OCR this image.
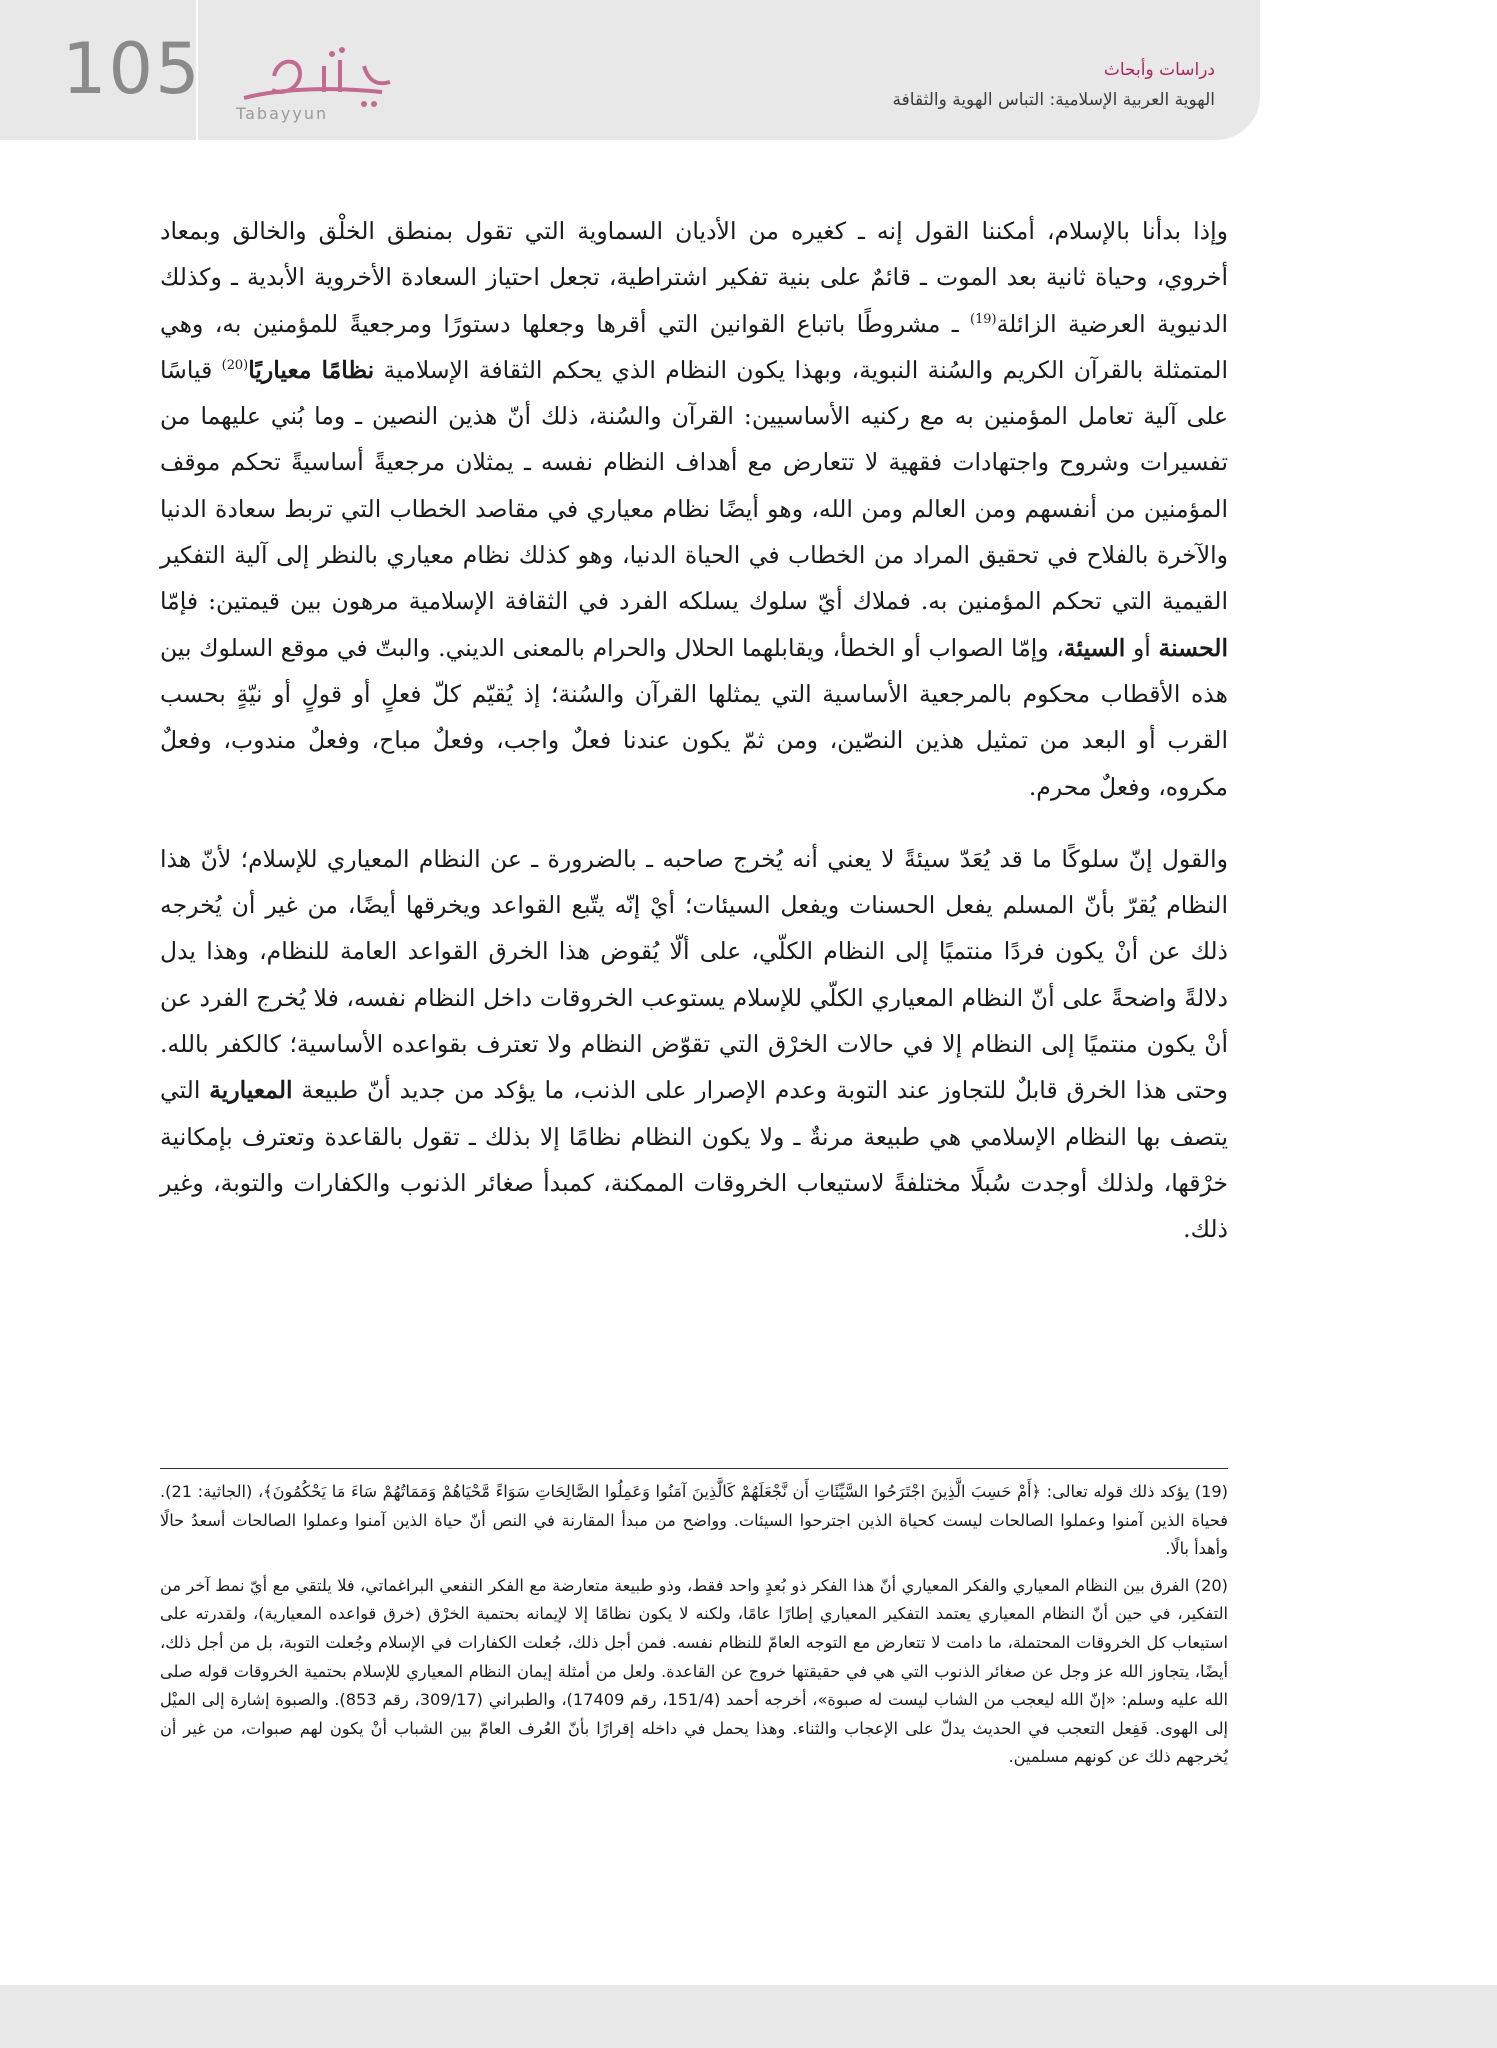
105
Tabayyun
دراسات وأبحاث
الهوية العربية الإسلامية: التباس الهوية والثقافة

وإذا بدأنا بالإسلام، أمكننا القول إنه ـ كغيره من الأديان السماوية التي تقول بمنطق الخلْق والخالق وبمعاد أخروي، وحياة ثانية بعد الموت ـ قائمٌ على بنية تفكير اشتراطية، تجعل احتياز السعادة الأخروية الأبدية ـ وكذلك الدنيوية العرضية الزائلة$^{(19)}$ ـ مشروطًا باتباع القوانين التي أقرها وجعلها دستورًا ومرجعيةً للمؤمنين به، وهي المتمثلة بالقرآن الكريم والسُنة النبوية، وبهذا يكون النظام الذي يحكم الثقافة الإسلامية نظامًا معياريًا$^{(20)}$ قياسًا على آلية تعامل المؤمنين به مع ركنيه الأساسيين: القرآن والسُنة، ذلك أنّ هذين النصين ـ وما بُني عليهما من تفسيرات وشروح واجتهادات فقهية لا تتعارض مع أهداف النظام نفسه ـ يمثلان مرجعيةً أساسيةً تحكم موقف المؤمنين من أنفسهم ومن العالم ومن الله، وهو أيضًا نظام معياري في مقاصد الخطاب التي تربط سعادة الدنيا والآخرة بالفلاح في تحقيق المراد من الخطاب في الحياة الدنيا، وهو كذلك نظام معياري بالنظر إلى آلية التفكير القيمية التي تحكم المؤمنين به. فملاك أيّ سلوك يسلكه الفرد في الثقافة الإسلامية مرهون بين قيمتين: فإمّا الحسنة أو السيئة، وإمّا الصواب أو الخطأ، ويقابلهما الحلال والحرام بالمعنى الديني. والبتّ في موقع السلوك بين هذه الأقطاب محكوم بالمرجعية الأساسية التي يمثلها القرآن والسُنة؛ إذ يُقيّم كلّ فعلٍ أو قولٍ أو نيّةٍ بحسب القرب أو البعد من تمثيل هذين النصّين، ومن ثمّ يكون عندنا فعلٌ واجب، وفعلٌ مباح، وفعلٌ مندوب، وفعلٌ مكروه، وفعلٌ محرم.

والقول إنّ سلوكًا ما قد يُعَدّ سيئةً لا يعني أنه يُخرج صاحبه ـ بالضرورة ـ عن النظام المعياري للإسلام؛ لأنّ هذا النظام يُقرّ بأنّ المسلم يفعل الحسنات ويفعل السيئات؛ أيْ إنّه يتّبع القواعد ويخرقها أيضًا، من غير أن يُخرجه ذلك عن أنْ يكون فردًا منتميًا إلى النظام الكلّي، على ألّا يُقوض هذا الخرق القواعد العامة للنظام، وهذا يدل دلالةً واضحةً على أنّ النظام المعياري الكلّي للإسلام يستوعب الخروقات داخل النظام نفسه، فلا يُخرج الفرد عن أنْ يكون منتميًا إلى النظام إلا في حالات الخرْق التي تقوّض النظام ولا تعترف بقواعده الأساسية؛ كالكفر بالله. وحتى هذا الخرق قابلٌ للتجاوز عند التوبة وعدم الإصرار على الذنب، ما يؤكد من جديد أنّ طبيعة المعيارية التي يتصف بها النظام الإسلامي هي طبيعة مرنةٌ ـ ولا يكون النظام نظامًا إلا بذلك ـ تقول بالقاعدة وتعترف بإمكانية خرْقها، ولذلك أوجدت سُبلًا مختلفةً لاستيعاب الخروقات الممكنة، كمبدأ صغائر الذنوب والكفارات والتوبة، وغير ذلك.

(19) يؤكد ذلك قوله تعالى: ﴿أَمْ حَسِبَ الَّذِينَ اجْتَرَحُوا السَّيِّئَاتِ أَن نَّجْعَلَهُمْ كَالَّذِينَ آمَنُوا وَعَمِلُوا الصَّالِحَاتِ سَوَاءً مَّحْيَاهُمْ وَمَمَاتُهُمْ سَاءَ مَا يَحْكُمُونَ﴾، (الجاثية: 21). فحياة الذين آمنوا وعملوا الصالحات ليست كحياة الذين اجترحوا السيئات. وواضح من مبدأ المقارنة في النص أنّ حياة الذين آمنوا وعملوا الصالحات أسعدُ حالًا وأهدأ بالًا.

(20) الفرق بين النظام المعياري والفكر المعياري أنّ هذا الفكر ذو بُعدٍ واحد فقط، وذو طبيعة متعارضة مع الفكر النفعي البراغماتي، فلا يلتقي مع أيّ نمط آخر من التفكير، في حين أنّ النظام المعياري يعتمد التفكير المعياري إطارًا عامًا، ولكنه لا يكون نظامًا إلا لإيمانه بحتمية الخرْق (خرق قواعده المعيارية)، ولقدرته على استيعاب كل الخروقات المحتملة، ما دامت لا تتعارض مع التوجه العامّ للنظام نفسه. فمن أجل ذلك، جُعلت الكفارات في الإسلام وجُعلت التوبة، بل من أجل ذلك، أيضًا، يتجاوز الله عز وجل عن صغائر الذنوب التي هي في حقيقتها خروج عن القاعدة. ولعل من أمثلة إيمان النظام المعياري للإسلام بحتمية الخروقات قوله صلى الله عليه وسلم: «إنّ الله ليعجب من الشاب ليست له صبوة»، أخرجه أحمد (151/4، رقم 17409)، والطبراني (309/17، رقم 853). والصبوة إشارة إلى الميْل إلى الهوى. فَفِعل التعجب في الحديث يدلّ على الإعجاب والثناء. وهذا يحمل في داخله إقرارًا بأنّ العُرف العامّ بين الشباب أنْ يكون لهم صبوات، من غير أن يُخرجهم ذلك عن كونهم مسلمين.
